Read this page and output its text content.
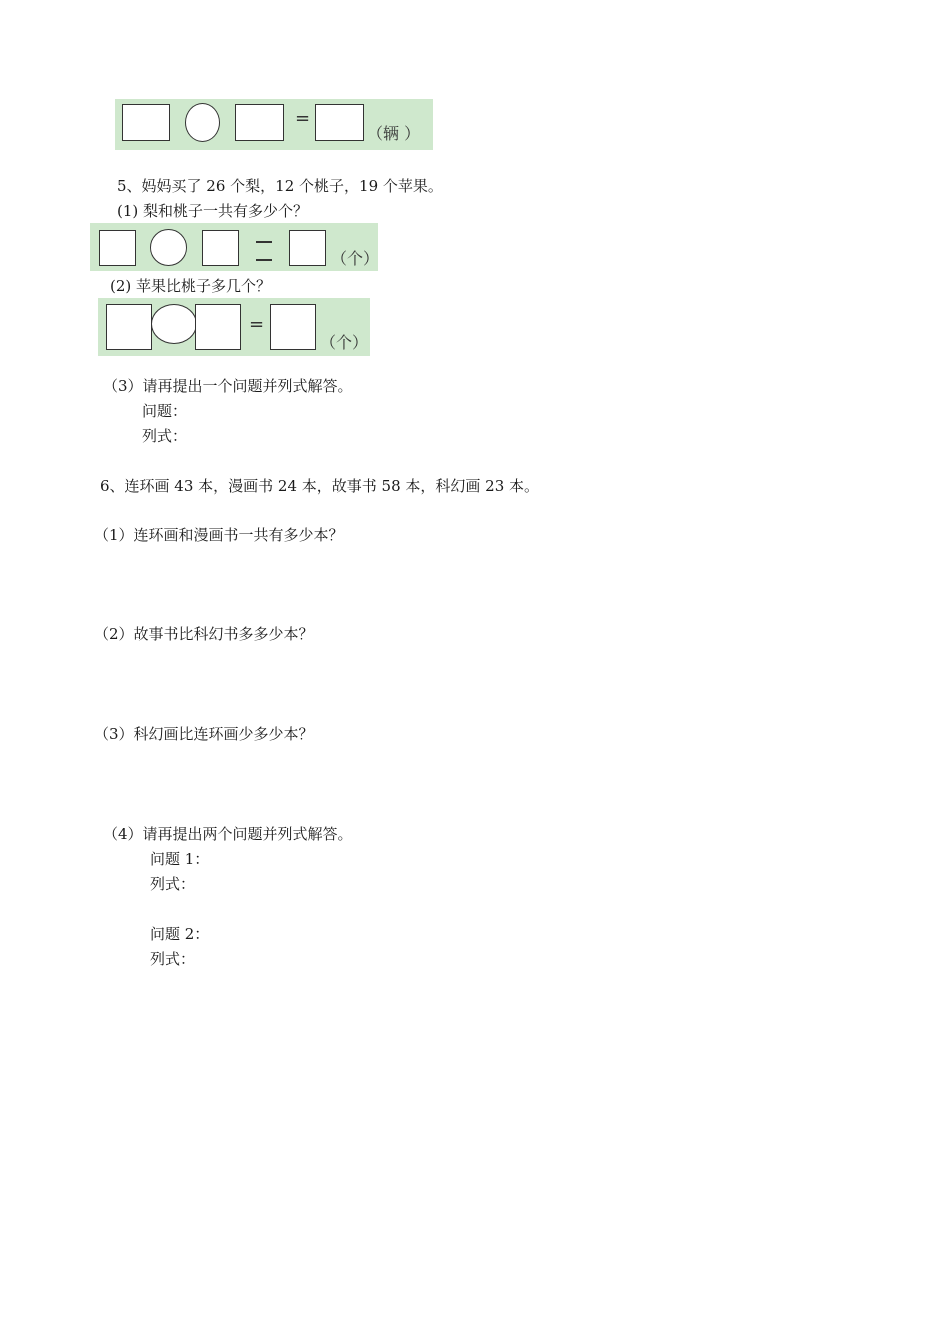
=
（辆 ）
5、妈妈买了 26 个梨，12 个桃子，19 个苹果。
(1) 梨和桃子一共有多少个？
（个）
(2) 苹果比桃子多几个？
=
（个）
（3）请再提出一个问题并列式解答。
问题：
列式：
6、连环画 43 本，漫画书 24 本，故事书 58 本，科幻画 23 本。
（1）连环画和漫画书一共有多少本？
（2）故事书比科幻书多多少本？
（3）科幻画比连环画少多少本？
（4）请再提出两个问题并列式解答。
问题 1：
列式：
问题 2：
列式：
